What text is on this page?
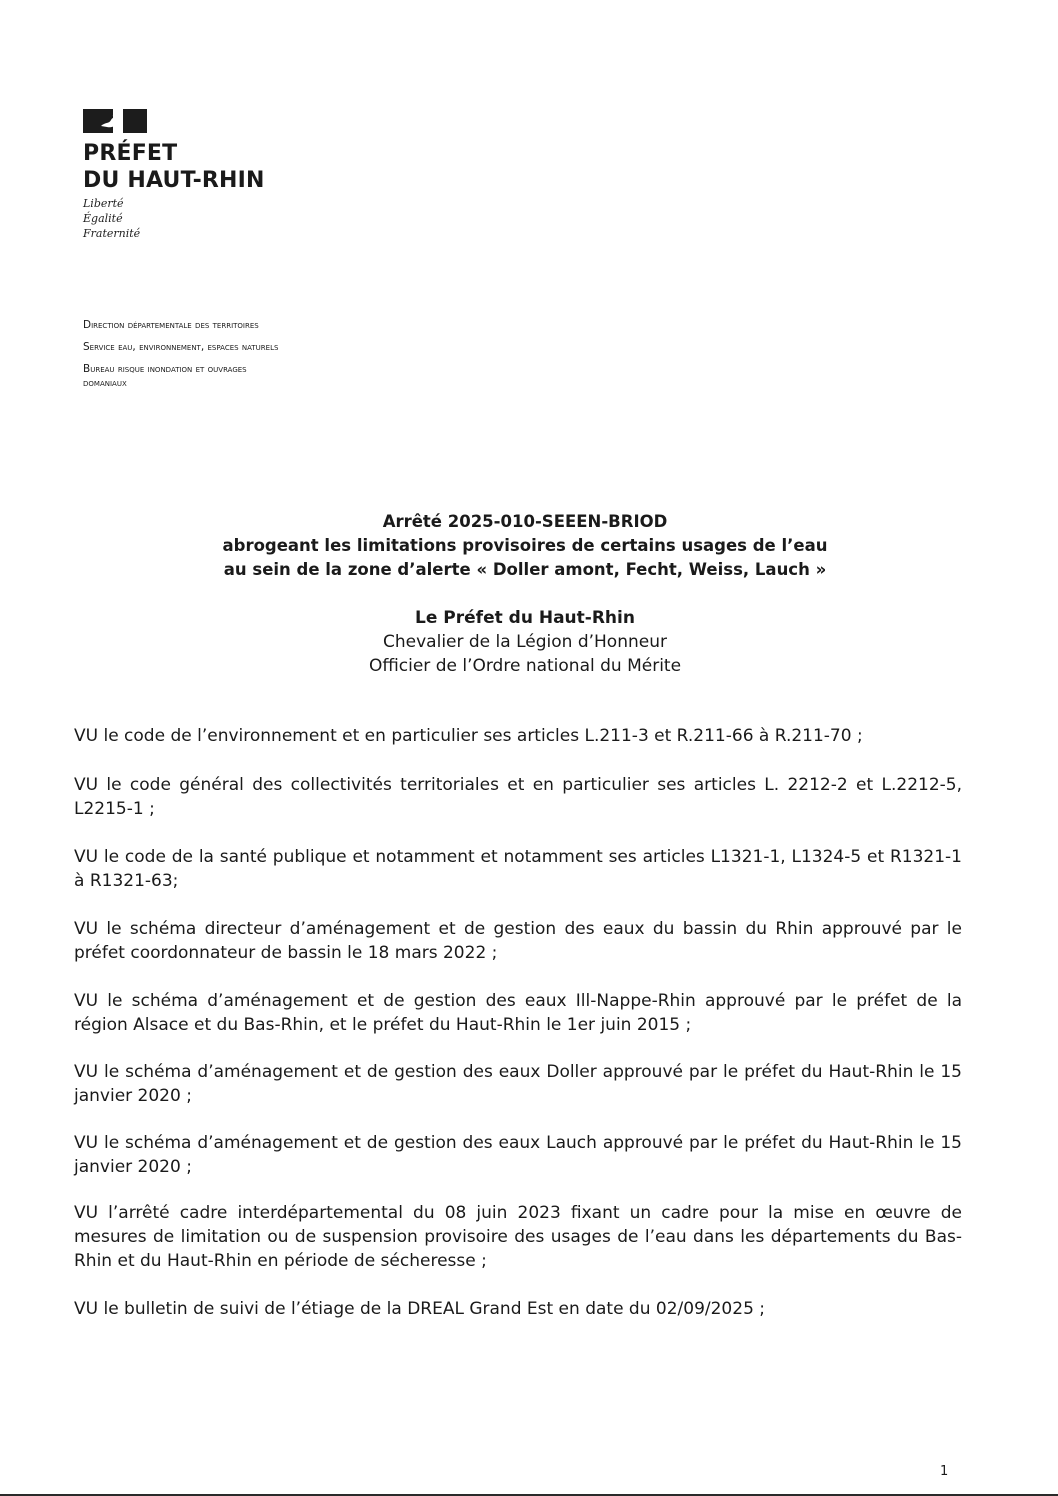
PRÉFET
DU HAUT-RHIN
Liberté
Égalité
Fraternité
Direction départementale des territoires
Service eau, environnement, espaces naturels
Bureau risque inondation et ouvrages
domaniaux
Arrêté 2025-010-SEEEN-BRIOD
abrogeant les limitations provisoires de certains usages de l’eau
au sein de la zone d’alerte « Doller amont, Fecht, Weiss, Lauch »
Le Préfet du Haut-Rhin
Chevalier de la Légion d’Honneur
Officier de l’Ordre national du Mérite

VU le code de l’environnement et en particulier ses articles L.211-3 et R.211-66 à R.211-70 ;

VU le code général des collectivités territoriales et en particulier ses articles L. 2212-2 et L.2212-5, L2215-1 ;

VU le code de la santé publique et notamment et notamment ses articles L1321-1, L1324-5 et R1321-1 à R1321-63;

VU le schéma directeur d’aménagement et de gestion des eaux du bassin du Rhin approuvé par le préfet coordonnateur de bassin le 18 mars 2022 ;

VU le schéma d’aménagement et de gestion des eaux Ill-Nappe-Rhin approuvé par le préfet de la région Alsace et du Bas-Rhin, et le préfet du Haut-Rhin le 1er juin 2015 ;

VU le schéma d’aménagement et de gestion des eaux Doller approuvé par le préfet du Haut-Rhin le 15 janvier 2020 ;

VU le schéma d’aménagement et de gestion des eaux Lauch approuvé par le préfet du Haut-Rhin le 15 janvier 2020 ;

VU l’arrêté cadre interdépartemental du 08 juin 2023 fixant un cadre pour la mise en œuvre de mesures de limitation ou de suspension provisoire des usages de l’eau dans les départements du Bas-Rhin et du Haut-Rhin en période de sécheresse ;

VU le bulletin de suivi de l’étiage de la DREAL Grand Est en date du 02/09/2025 ;

1
